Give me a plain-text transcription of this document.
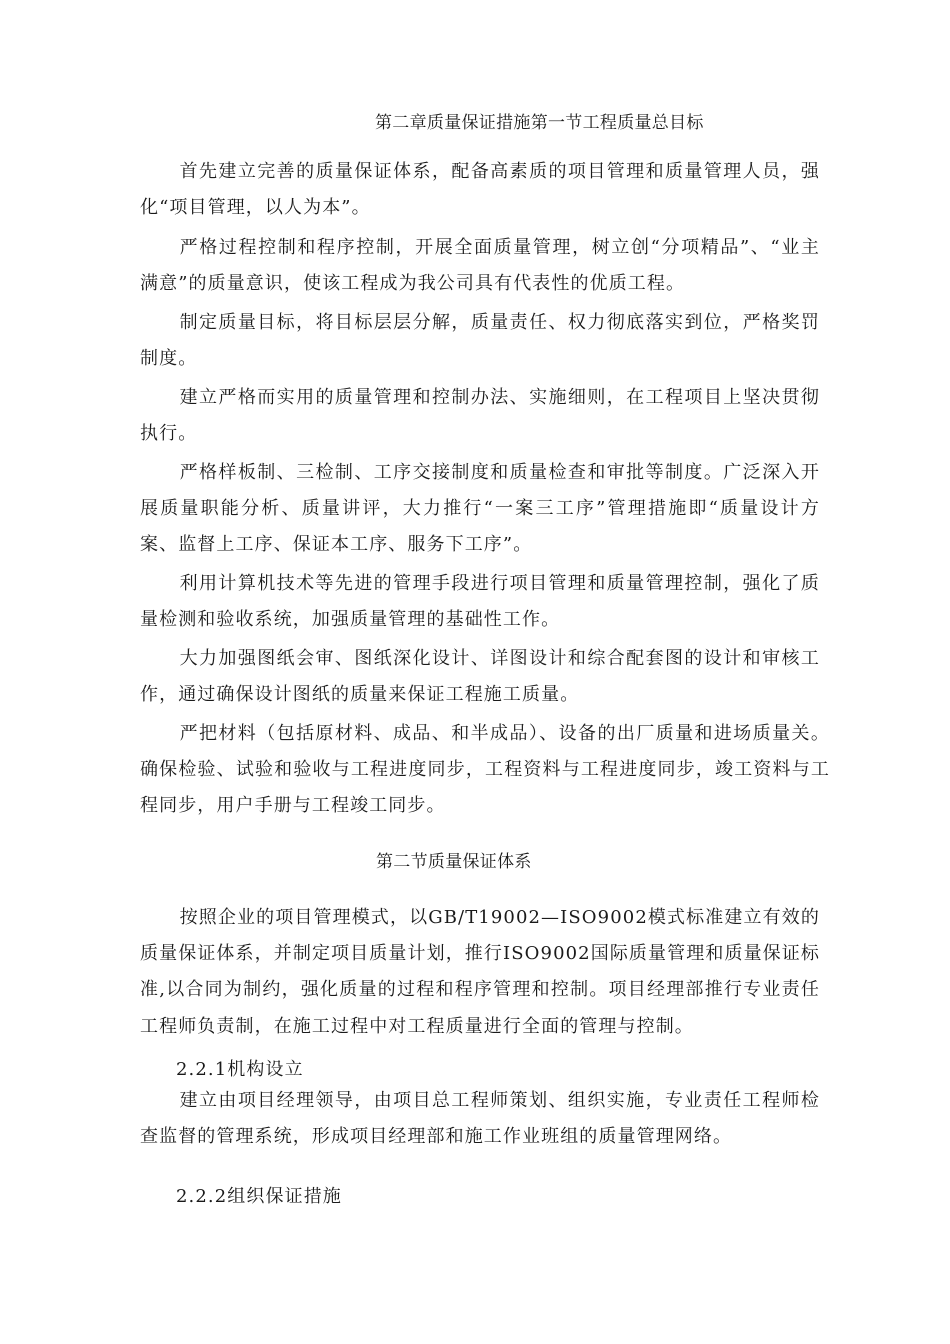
第二章质量保证措施第一节工程质量总目标

首先建立完善的质量保证体系，配备高素质的项目管理和质量管理人员，强化“项目管理，以人为本”。

严格过程控制和程序控制，开展全面质量管理，树立创“分项精品”、“业主满意”的质量意识，使该工程成为我公司具有代表性的优质工程。

制定质量目标，将目标层层分解，质量责任、权力彻底落实到位，严格奖罚制度。

建立严格而实用的质量管理和控制办法、实施细则，在工程项目上坚决贯彻执行。

严格样板制、三检制、工序交接制度和质量检查和审批等制度。广泛深入开展质量职能分析、质量讲评，大力推行“一案三工序”管理措施即“质量设计方案、监督上工序、保证本工序、服务下工序”。

利用计算机技术等先进的管理手段进行项目管理和质量管理控制，强化了质量检测和验收系统，加强质量管理的基础性工作。

大力加强图纸会审、图纸深化设计、详图设计和综合配套图的设计和审核工作，通过确保设计图纸的质量来保证工程施工质量。

严把材料（包括原材料、成品、和半成品）、设备的出厂质量和进场质量关。确保检验、试验和验收与工程进度同步，工程资料与工程进度同步，竣工资料与工程同步，用户手册与工程竣工同步。

第二节质量保证体系

按照企业的项目管理模式，以GB/T19002—ISO9002模式标准建立有效的质量保证体系，并制定项目质量计划，推行ISO9002国际质量管理和质量保证标准,以合同为制约，强化质量的过程和程序管理和控制。项目经理部推行专业责任工程师负责制，在施工过程中对工程质量进行全面的管理与控制。

2.2.1机构设立

建立由项目经理领导，由项目总工程师策划、组织实施，专业责任工程师检查监督的管理系统，形成项目经理部和施工作业班组的质量管理网络。

2.2.2组织保证措施
